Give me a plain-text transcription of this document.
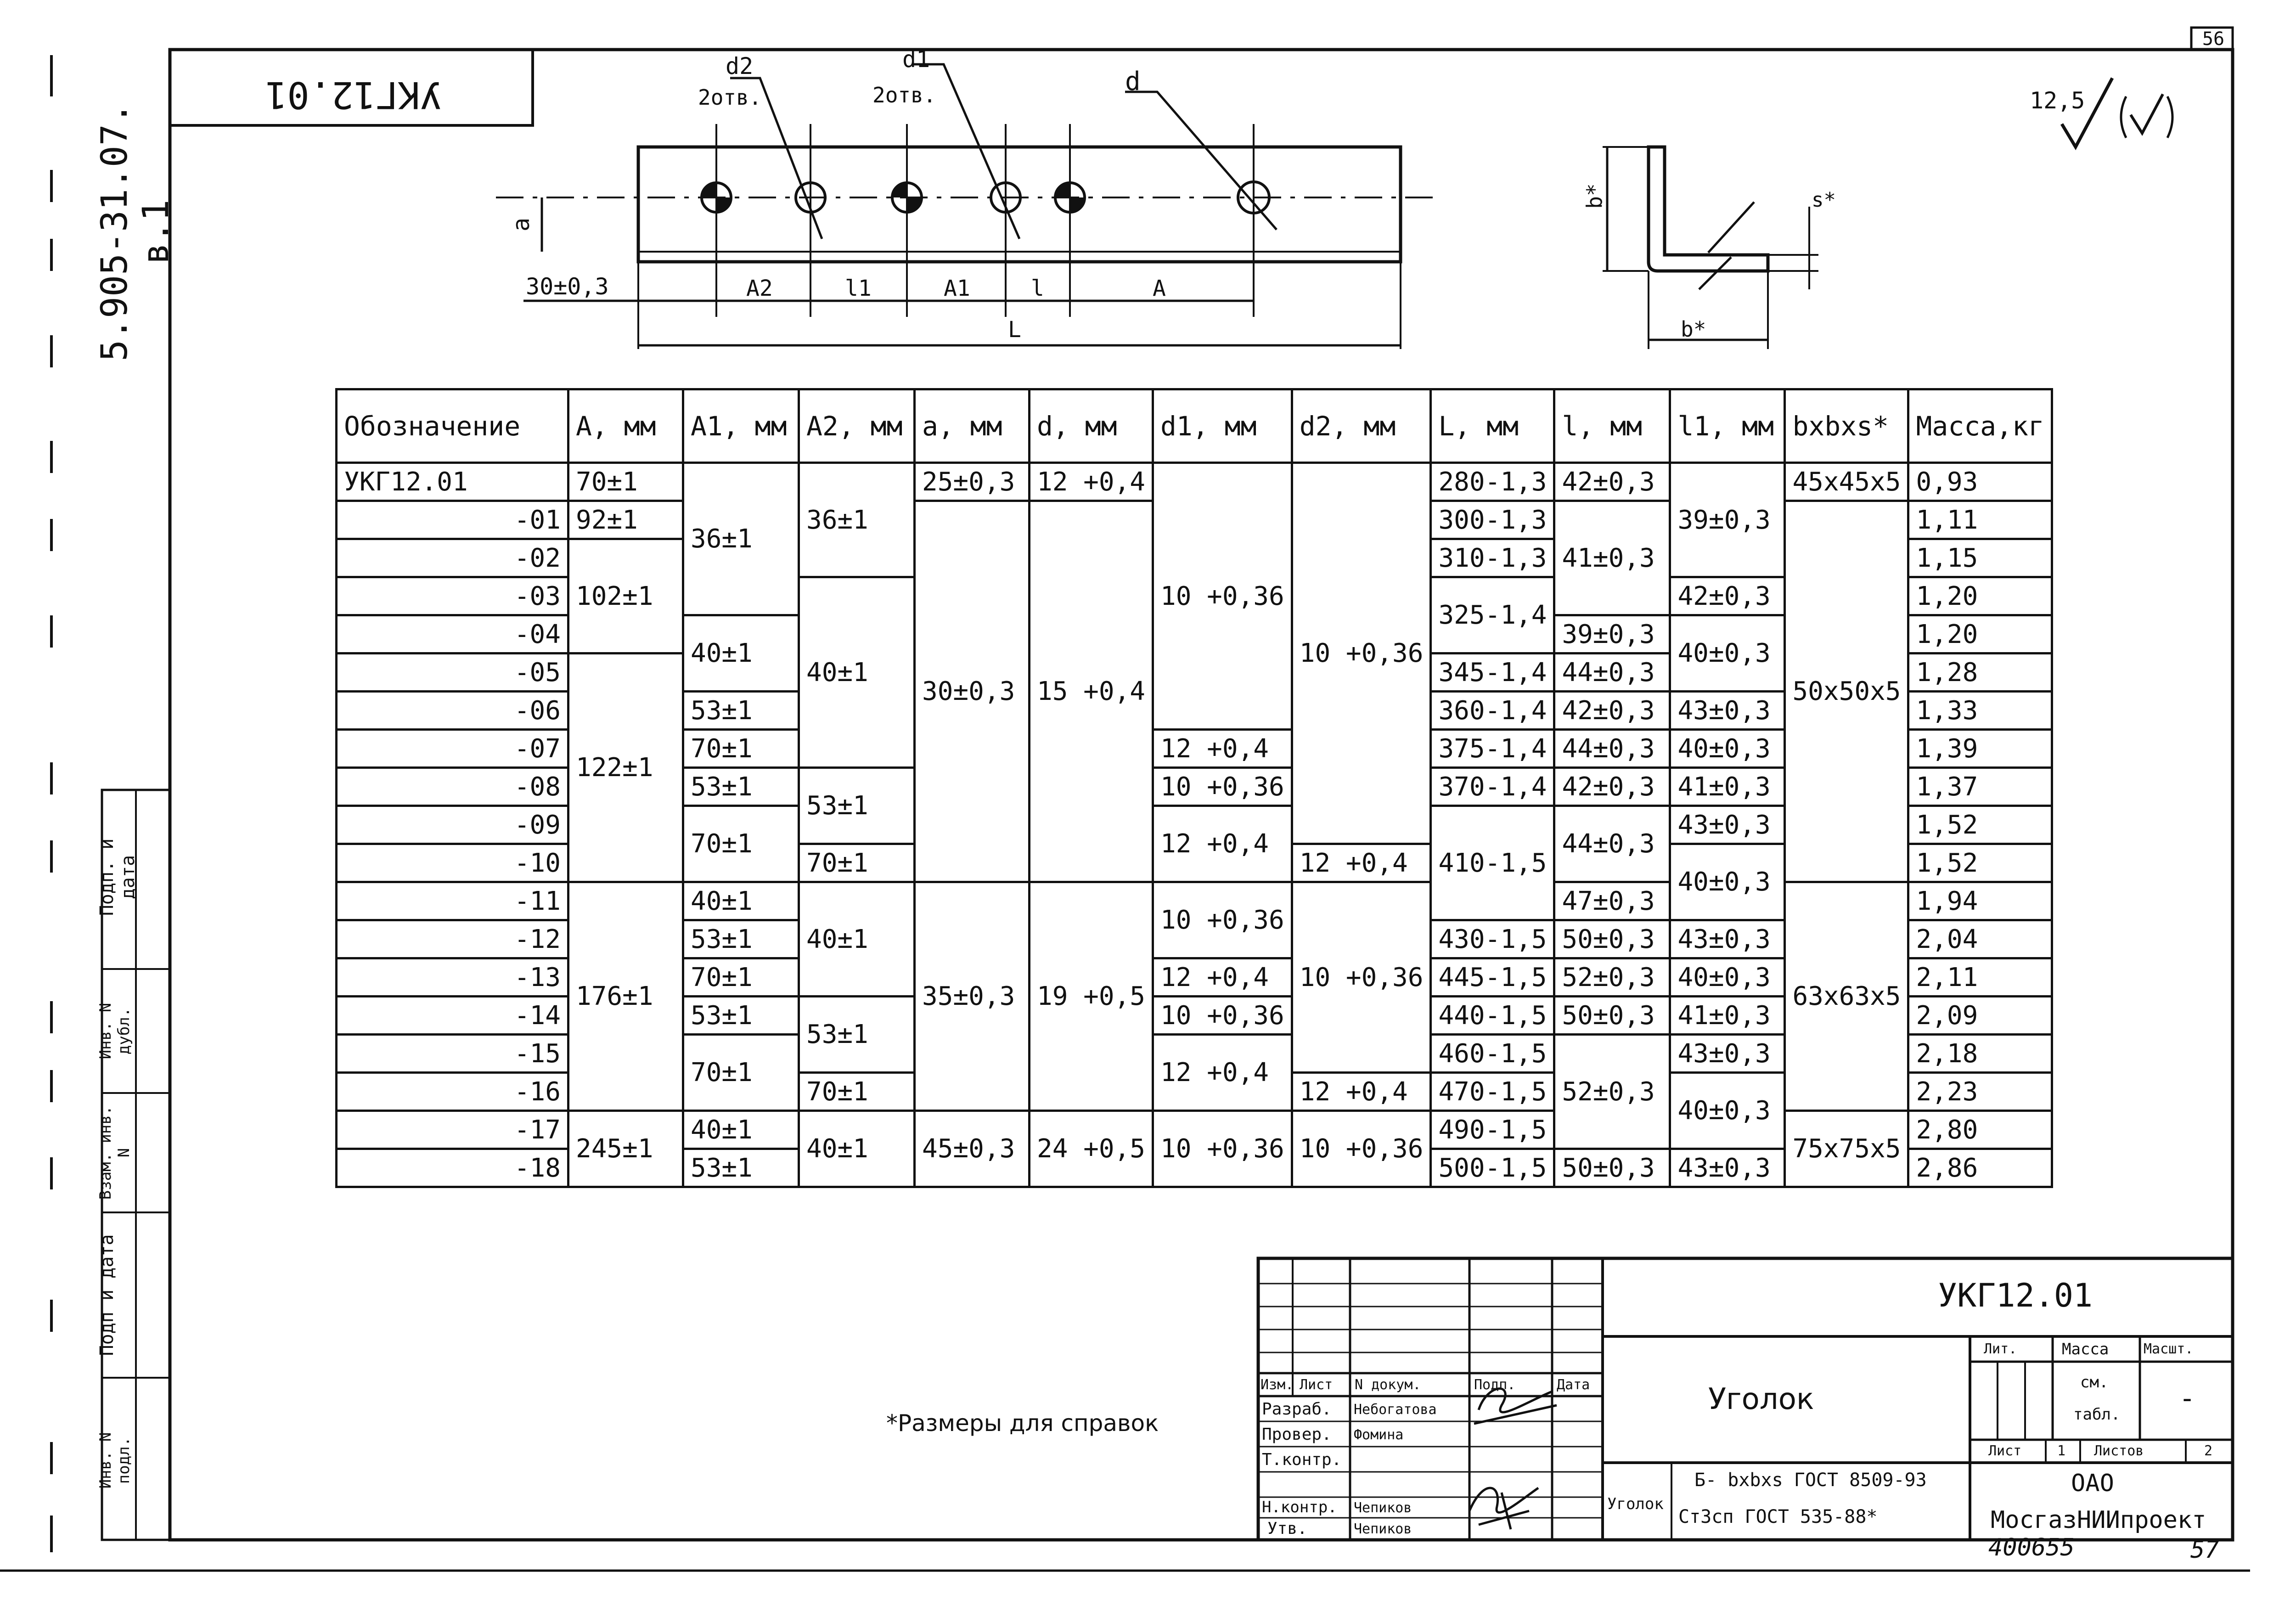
56
57
5.905-31.07. в.1
УКГ12.01
Подп. и дата
Инв. N дубл.
Взам. инв. N
Подп и дата
Инв. N подл.
12,5
d2
2отв.
d1
2отв.	d
a
30±0,3	A2	l1	A1	l	A
L
b*
b*
s*
Обозначение	A, мм	A1, мм	A2, мм	a, мм	d, мм	d1, мм	d2, мм	L, мм	l, мм	l1, мм	bxbxs*	Масса,кг
УКГ12.01	70±1	36±1	36±1	25±0,3	12 +0,4	10 +0,36	10 +0,36	280-1,3	42±0,3	39±0,3	45x45x5	0,93
-01	92±1			30±0,3	15 +0,4			300-1,3	41±0,3		50x50x5	1,11
-02	102±1							310-1,3				1,15
-03			40±1					325-1,4		42±0,3		1,20
-04		40±1							39±0,3	40±0,3		1,20
-05	122±1							345-1,4	44±0,3			1,28
-06		53±1						360-1,4	42±0,3	43±0,3		1,33
-07		70±1				12 +0,4		375-1,4	44±0,3	40±0,3		1,39
-08		53±1	53±1			10 +0,36		370-1,4	42±0,3	41±0,3		1,37
-09		70±1				12 +0,4		410-1,5	44±0,3	43±0,3		1,52
-10			70±1				12 +0,4			40±0,3		1,52
-11	176±1	40±1	40±1	35±0,3	19 +0,5	10 +0,36	10 +0,36		47±0,3		63x63x5	1,94
-12		53±1						430-1,5	50±0,3	43±0,3		2,04
-13		70±1				12 +0,4		445-1,5	52±0,3	40±0,3		2,11
-14		53±1	53±1			10 +0,36		440-1,5	50±0,3	41±0,3		2,09
-15		70±1				12 +0,4		460-1,5	52±0,3	43±0,3		2,18
-16			70±1				12 +0,4	470-1,5		40±0,3		2,23
-17	245±1	40±1	40±1	45±0,3	24 +0,5	10 +0,36	10 +0,36	490-1,5			75x75x5	2,80
-18		53±1						500-1,5	50±0,3	43±0,3		2,86
*Размеры для справок
УКГ12.01
Уголок
Изм. Лист N докум.	Подп.	Дата
Разраб. Небогатова
Провер. Фомина
Т.контр.
Н.контр. Чепиков
Утв.	Чепиков
Уголок
Б- bxbxs ГОСТ 8509-93
Ст3сп ГОСТ 535-88*
Лит.	Масса	Масшт.
см.
табл. -
Лист	1 Листов	2
ОАО
МосгазНИИпроект
400655
